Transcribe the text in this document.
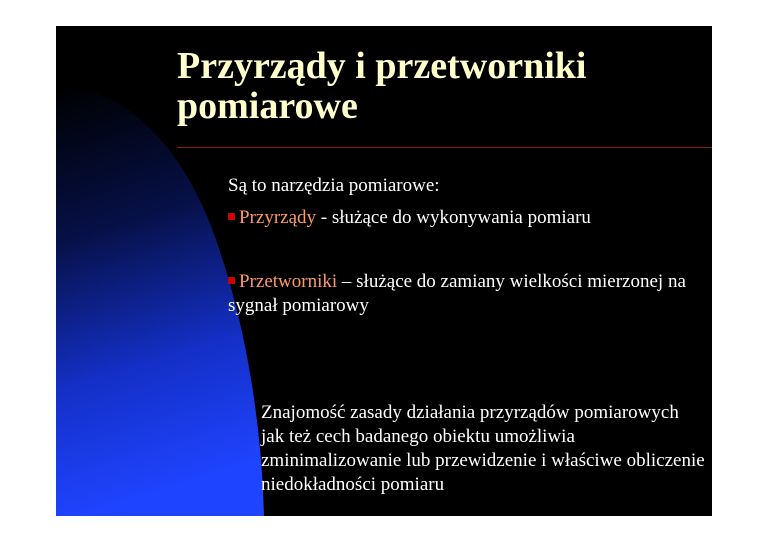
Przyrządy i przetworniki pomiarowe

Są to narzędzia pomiarowe:

Przyrządy - służące do wykonywania pomiaru

Przetworniki – służące do zamiany wielkości mierzonej na sygnał pomiarowy

Znajomość zasady działania przyrządów pomiarowych jak też cech badanego obiektu umożliwia zminimalizowanie lub przewidzenie i właściwe obliczenie niedokładności pomiaru
